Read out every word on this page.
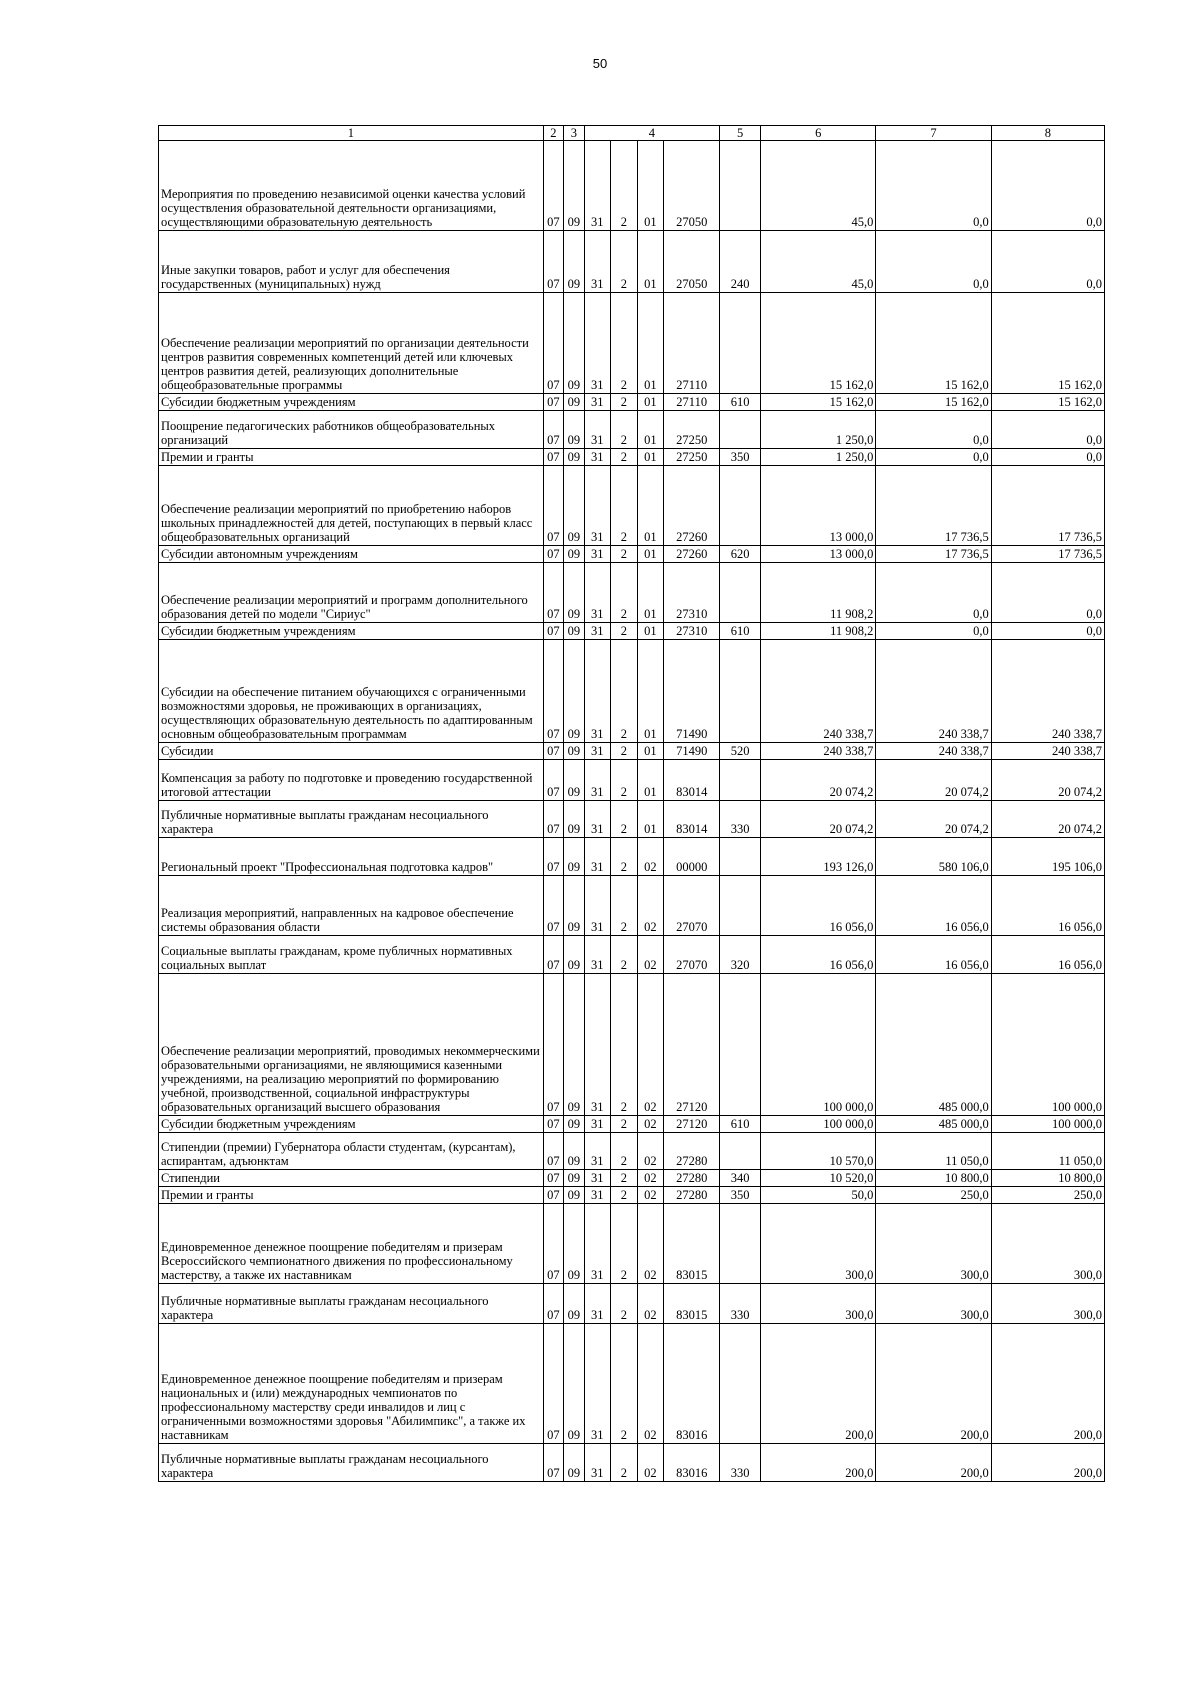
50
1	2	3	4				5	6	7	8
Мероприятия по проведению независимой оценки качества условий осуществления образовательной деятельности организациями, осуществляющими образовательную деятельность	07	09	31	2	01	27050		45,0	0,0	0,0
Иные закупки товаров, работ и услуг для обеспечения государственных (муниципальных) нужд	07	09	31	2	01	27050	240	45,0	0,0	0,0
Обеспечение реализации мероприятий по организации деятельности центров развития современных компетенций детей или ключевых центров развития детей, реализующих дополнительные общеобразовательные программы	07	09	31	2	01	27110		15 162,0	15 162,0	15 162,0
Субсидии бюджетным учреждениям	07	09	31	2	01	27110	610	15 162,0	15 162,0	15 162,0
Поощрение педагогических работников общеобразовательных организаций	07	09	31	2	01	27250		1 250,0	0,0	0,0
Премии и гранты	07	09	31	2	01	27250	350	1 250,0	0,0	0,0
Обеспечение реализации мероприятий по приобретению наборов школьных принадлежностей для детей, поступающих в первый класс общеобразовательных организаций	07	09	31	2	01	27260		13 000,0	17 736,5	17 736,5
Субсидии автономным учреждениям	07	09	31	2	01	27260	620	13 000,0	17 736,5	17 736,5
Обеспечение реализации мероприятий и программ дополнительного образования детей по модели "Сириус"	07	09	31	2	01	27310		11 908,2	0,0	0,0
Субсидии бюджетным учреждениям	07	09	31	2	01	27310	610	11 908,2	0,0	0,0
Субсидии на обеспечение питанием обучающихся с ограниченными возможностями здоровья, не проживающих в организациях, осуществляющих образовательную деятельность по адаптированным основным общеобразовательным программам	07	09	31	2	01	71490		240 338,7	240 338,7	240 338,7
Субсидии	07	09	31	2	01	71490	520	240 338,7	240 338,7	240 338,7
Компенсация за работу по подготовке и проведению государственной итоговой аттестации	07	09	31	2	01	83014		20 074,2	20 074,2	20 074,2
Публичные нормативные выплаты гражданам несоциального характера	07	09	31	2	01	83014	330	20 074,2	20 074,2	20 074,2
Региональный проект "Профессиональная подготовка кадров"	07	09	31	2	02	00000		193 126,0	580 106,0	195 106,0
Реализация мероприятий, направленных на кадровое обеспечение системы образования области	07	09	31	2	02	27070		16 056,0	16 056,0	16 056,0
Социальные выплаты гражданам, кроме публичных нормативных социальных выплат	07	09	31	2	02	27070	320	16 056,0	16 056,0	16 056,0
Обеспечение реализации мероприятий, проводимых некоммерческими образовательными организациями, не являющимися казенными учреждениями, на реализацию мероприятий по формированию учебной, производственной, социальной инфраструктуры образовательных организаций высшего образования	07	09	31	2	02	27120		100 000,0	485 000,0	100 000,0
Субсидии бюджетным учреждениям	07	09	31	2	02	27120	610	100 000,0	485 000,0	100 000,0
Стипендии (премии) Губернатора области студентам, (курсантам), аспирантам, адъюнктам	07	09	31	2	02	27280		10 570,0	11 050,0	11 050,0
Стипендии	07	09	31	2	02	27280	340	10 520,0	10 800,0	10 800,0
Премии и гранты	07	09	31	2	02	27280	350	50,0	250,0	250,0
Единовременное денежное поощрение победителям и призерам Всероссийского чемпионатного движения по профессиональному мастерству, а также их наставникам	07	09	31	2	02	83015		300,0	300,0	300,0
Публичные нормативные выплаты гражданам несоциального характера	07	09	31	2	02	83015	330	300,0	300,0	300,0
Единовременное денежное поощрение победителям и призерам национальных и (или) международных чемпионатов по профессиональному мастерству среди инвалидов и лиц с ограниченными возможностями здоровья "Абилимпикс", а также их наставникам	07	09	31	2	02	83016		200,0	200,0	200,0
Публичные нормативные выплаты гражданам несоциального характера	07	09	31	2	02	83016	330	200,0	200,0	200,0
